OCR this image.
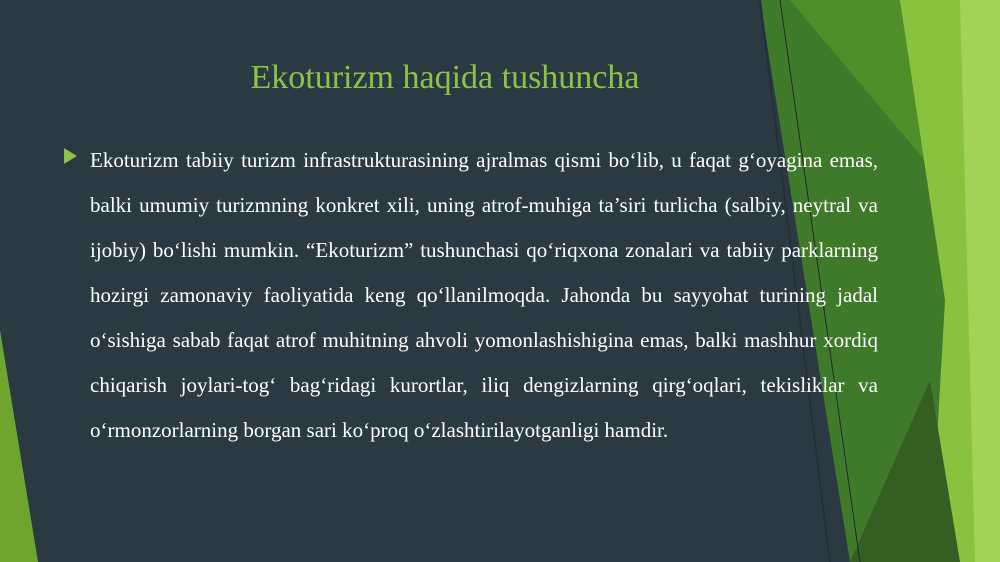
Ekoturizm haqida tushuncha
Ekoturizm tabiiy turizm infrastrukturasining ajralmas qismi bo‘lib, u faqat g‘oyagina emas, balki umumiy turizmning konkret xili, uning atrof-muhiga ta’siri turlicha (salbiy, neytral va ijobiy) bo‘lishi mumkin. “Ekoturizm” tushunchasi qo‘riqxona zonalari va tabiiy parklarning hozirgi zamonaviy faoliyatida keng qo‘llanilmoqda. Jahonda bu sayyohat turining jadal o‘sishiga sabab faqat atrof muhitning ahvoli yomonlashishigina emas, balki mashhur xordiq chiqarish joylari-tog‘ bag‘ridagi kurortlar, iliq dengizlarning qirg‘oqlari, tekisliklar va o‘rmonzorlarning borgan sari ko‘proq o‘zlashtirilayotganligi hamdir.
